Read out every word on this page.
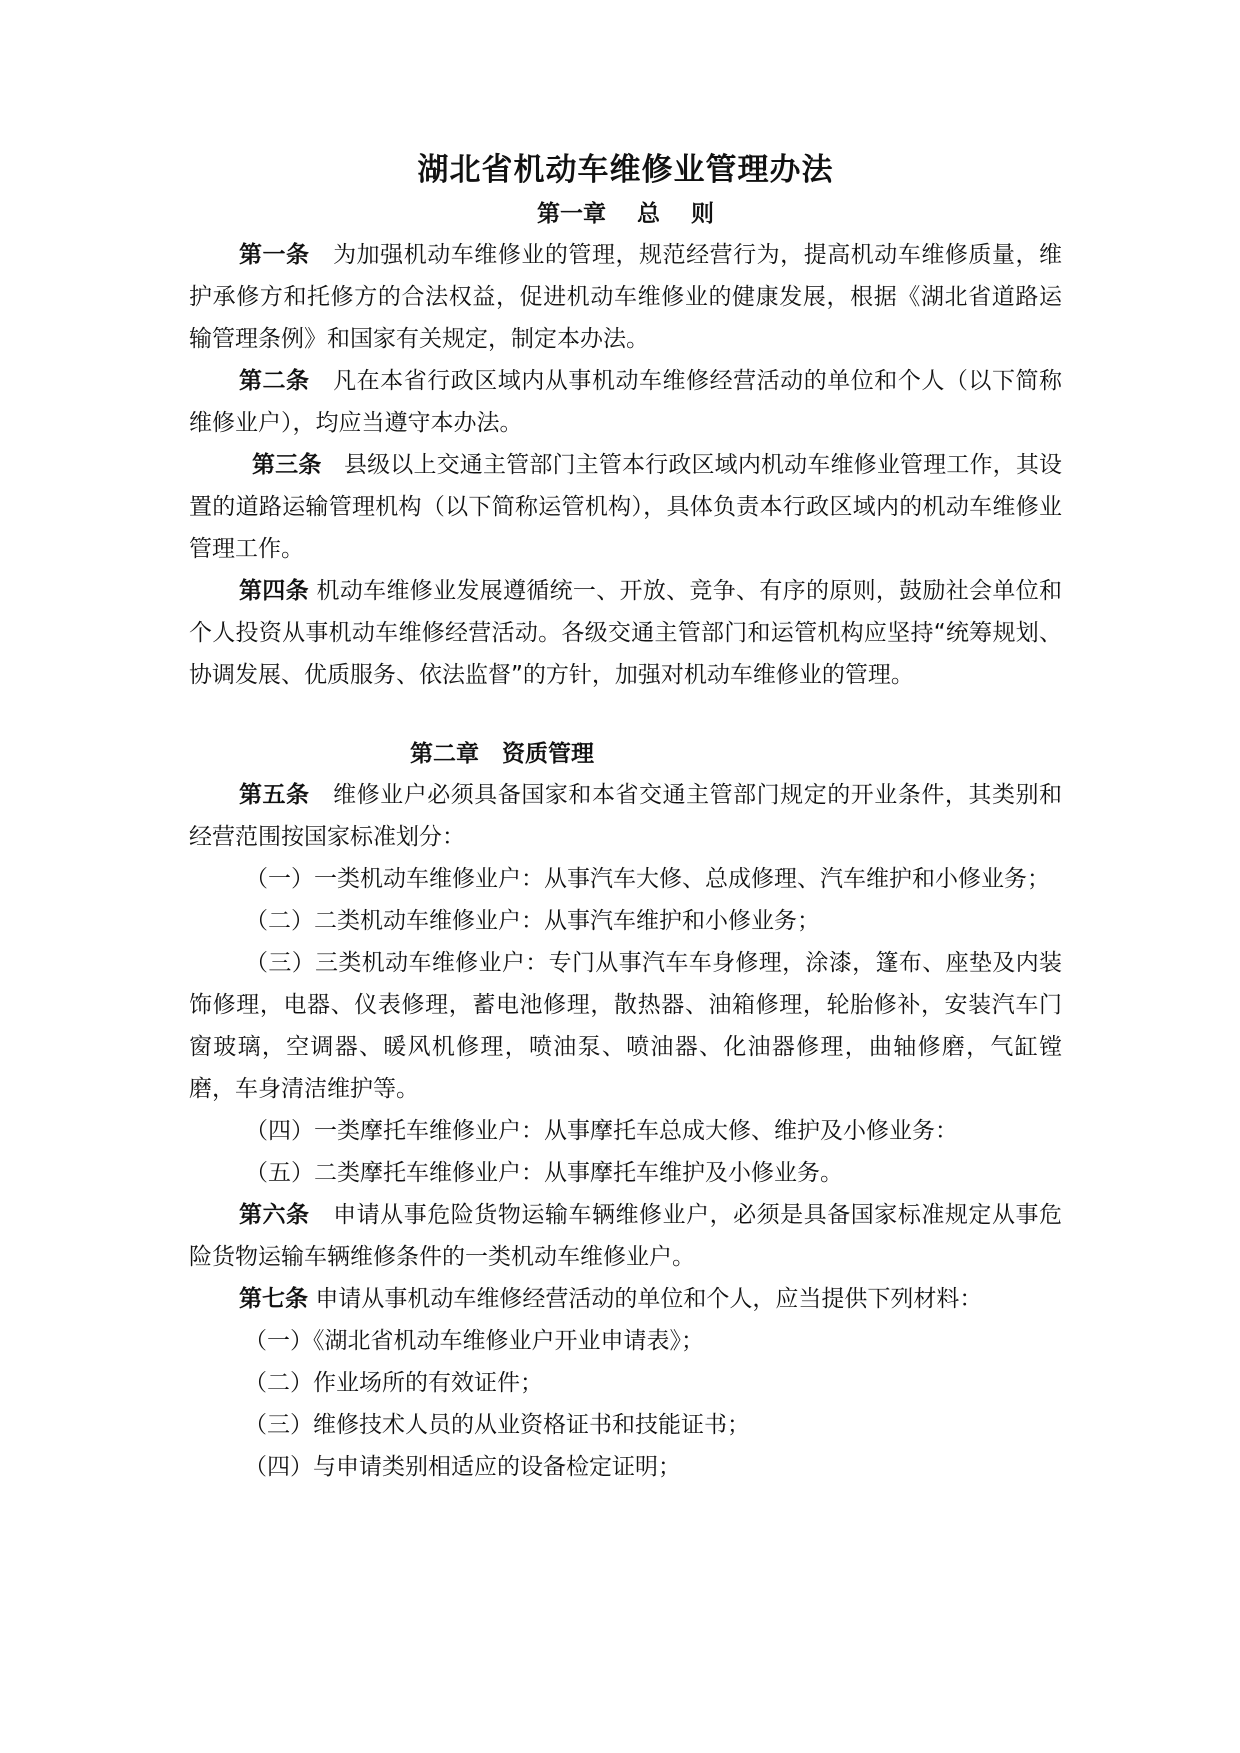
湖北省机动车维修业管理办法
第一章　 总　 则

第一条 为加强机动车维修业的管理，规范经营行为，提高机动车维修质量，维护承修方和托修方的合法权益，促进机动车维修业的健康发展，根据《湖北省道路运输管理条例》和国家有关规定，制定本办法。

第二条 凡在本省行政区域内从事机动车维修经营活动的单位和个人（以下简称维修业户），均应当遵守本办法。

第三条 县级以上交通主管部门主管本行政区域内机动车维修业管理工作，其设置的道路运输管理机构（以下简称运管机构），具体负责本行政区域内的机动车维修业管理工作。

第四条 机动车维修业发展遵循统一、开放、竞争、有序的原则，鼓励社会单位和个人投资从事机动车维修经营活动。各级交通主管部门和运管机构应坚持“统筹规划、协调发展、优质服务、依法监督”的方针，加强对机动车维修业的管理。

第二章　资质管理

第五条 维修业户必须具备国家和本省交通主管部门规定的开业条件，其类别和经营范围按国家标准划分：

（一）一类机动车维修业户：从事汽车大修、总成修理、汽车维护和小修业务；

（二）二类机动车维修业户：从事汽车维护和小修业务；

（三）三类机动车维修业户：专门从事汽车车身修理，涂漆，篷布、座垫及内装饰修理，电器、仪表修理，蓄电池修理，散热器、油箱修理，轮胎修补，安装汽车门窗玻璃，空调器、暖风机修理，喷油泵、喷油器、化油器修理，曲轴修磨，气缸镗磨，车身清洁维护等。

（四）一类摩托车维修业户：从事摩托车总成大修、维护及小修业务：

（五）二类摩托车维修业户：从事摩托车维护及小修业务。

第六条 申请从事危险货物运输车辆维修业户，必须是具备国家标准规定从事危险货物运输车辆维修条件的一类机动车维修业户。

第七条 申请从事机动车维修经营活动的单位和个人，应当提供下列材料：

（一）《湖北省机动车维修业户开业申请表》；

（二）作业场所的有效证件；

（三）维修技术人员的从业资格证书和技能证书；

（四）与申请类别相适应的设备检定证明；
